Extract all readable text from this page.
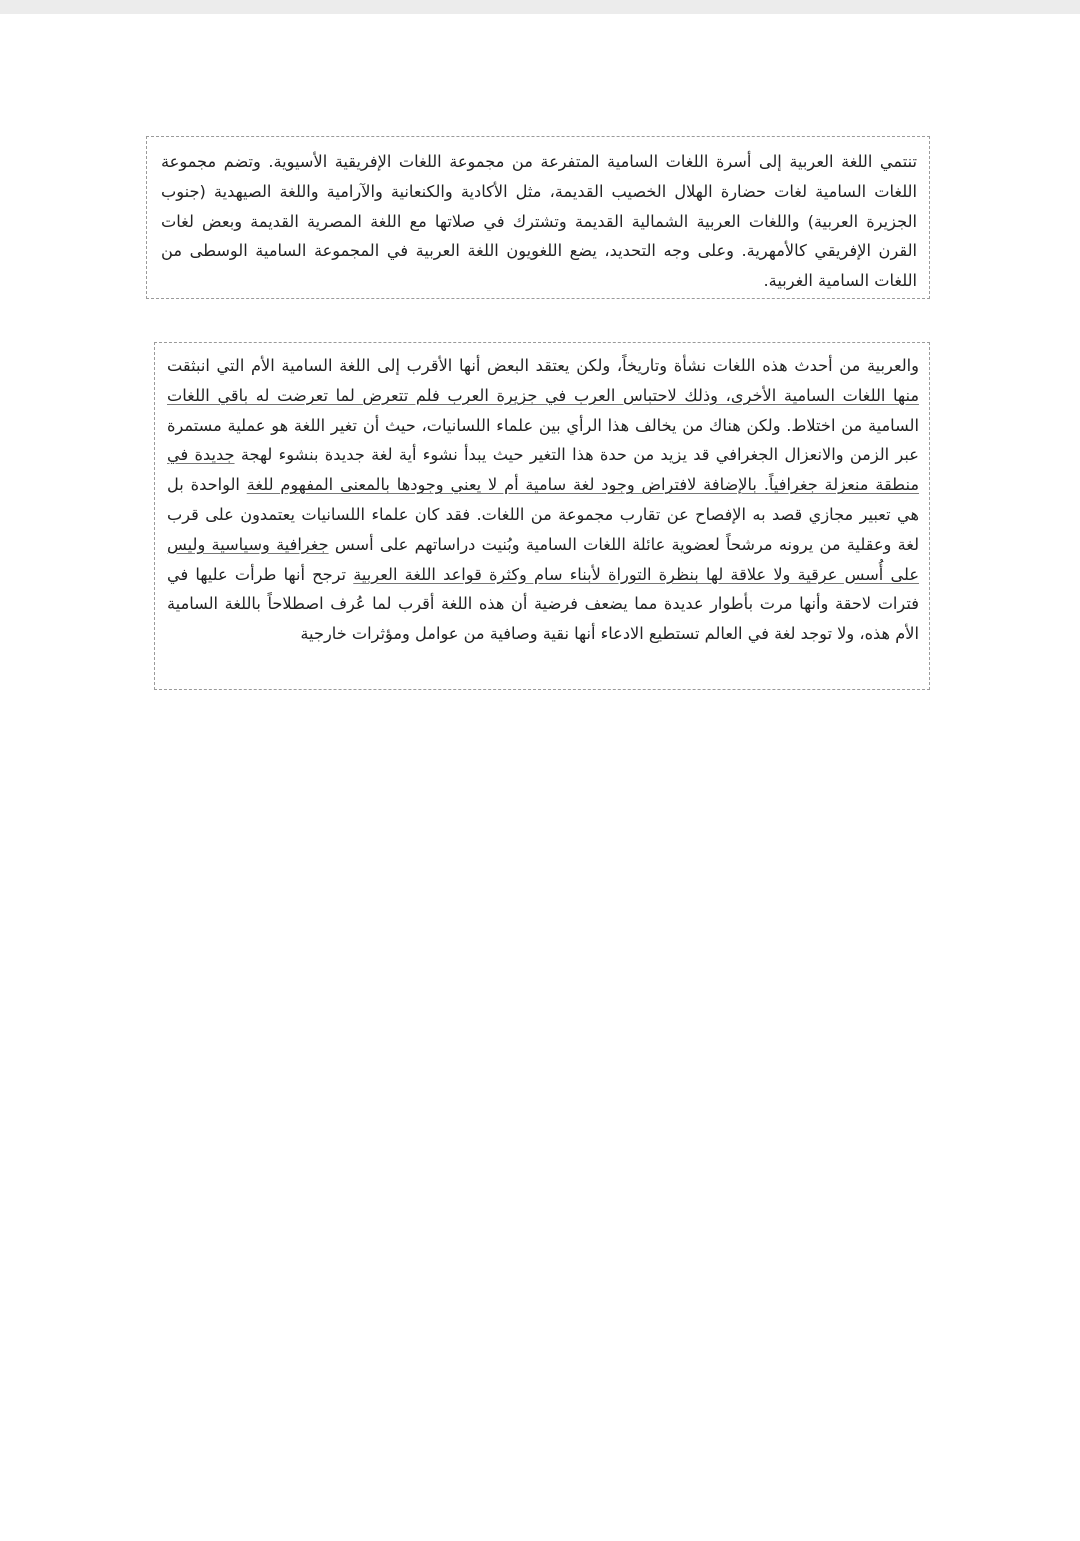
تنتمي اللغة العربية إلى أسرة اللغات السامية المتفرعة من مجموعة اللغات الإفريقية الأسيوية. وتضم مجموعة اللغات السامية لغات حضارة الهلال الخصيب القديمة، مثل الأكادية والكنعانية والآرامية واللغة الصيهدية (جنوب الجزيرة العربية) واللغات العربية الشمالية القديمة وتشترك في صلاتها مع اللغة المصرية القديمة وبعض لغات القرن الإفريقي كالأمهرية. وعلى وجه التحديد، يضع اللغويون اللغة العربية في المجموعة السامية الوسطى من اللغات السامية الغربية.

والعربية من أحدث هذه اللغات نشأة وتاريخاً، ولكن يعتقد البعض أنها الأقرب إلى اللغة السامية الأم التي انبثقت منها اللغات السامية الأخرى، وذلك لاحتباس العرب في جزيرة العرب فلم تتعرض لما تعرضت له باقي اللغات السامية من اختلاط. ولكن هناك من يخالف هذا الرأي بين علماء اللسانيات، حيث أن تغير اللغة هو عملية مستمرة عبر الزمن والانعزال الجغرافي قد يزيد من حدة هذا التغير حيث يبدأ نشوء أية لغة جديدة بنشوء لهجة جديدة في منطقة منعزلة جغرافياً. بالإضافة لافتراض وجود لغة سامية أم لا يعني وجودها بالمعنى المفهوم للغة الواحدة بل هي تعبير مجازي قصد به الإفصاح عن تقارب مجموعة من اللغات. فقد كان علماء اللسانيات يعتمدون على قرب لغة وعقلية من يرونه مرشحاً لعضوية عائلة اللغات السامية وبُنيت دراساتهم على أسس جغرافية وسياسية وليس على أُسس عرقية ولا علاقة لها بنظرة التوراة لأبناء سام وكثرة قواعد اللغة العربية ترجح أنها طرأت عليها في فترات لاحقة وأنها مرت بأطوار عديدة مما يضعف فرضية أن هذه اللغة أقرب لما عُرف اصطلاحاً باللغة السامية الأم هذه، ولا توجد لغة في العالم تستطيع الادعاء أنها نقية وصافية من عوامل ومؤثرات خارجية
